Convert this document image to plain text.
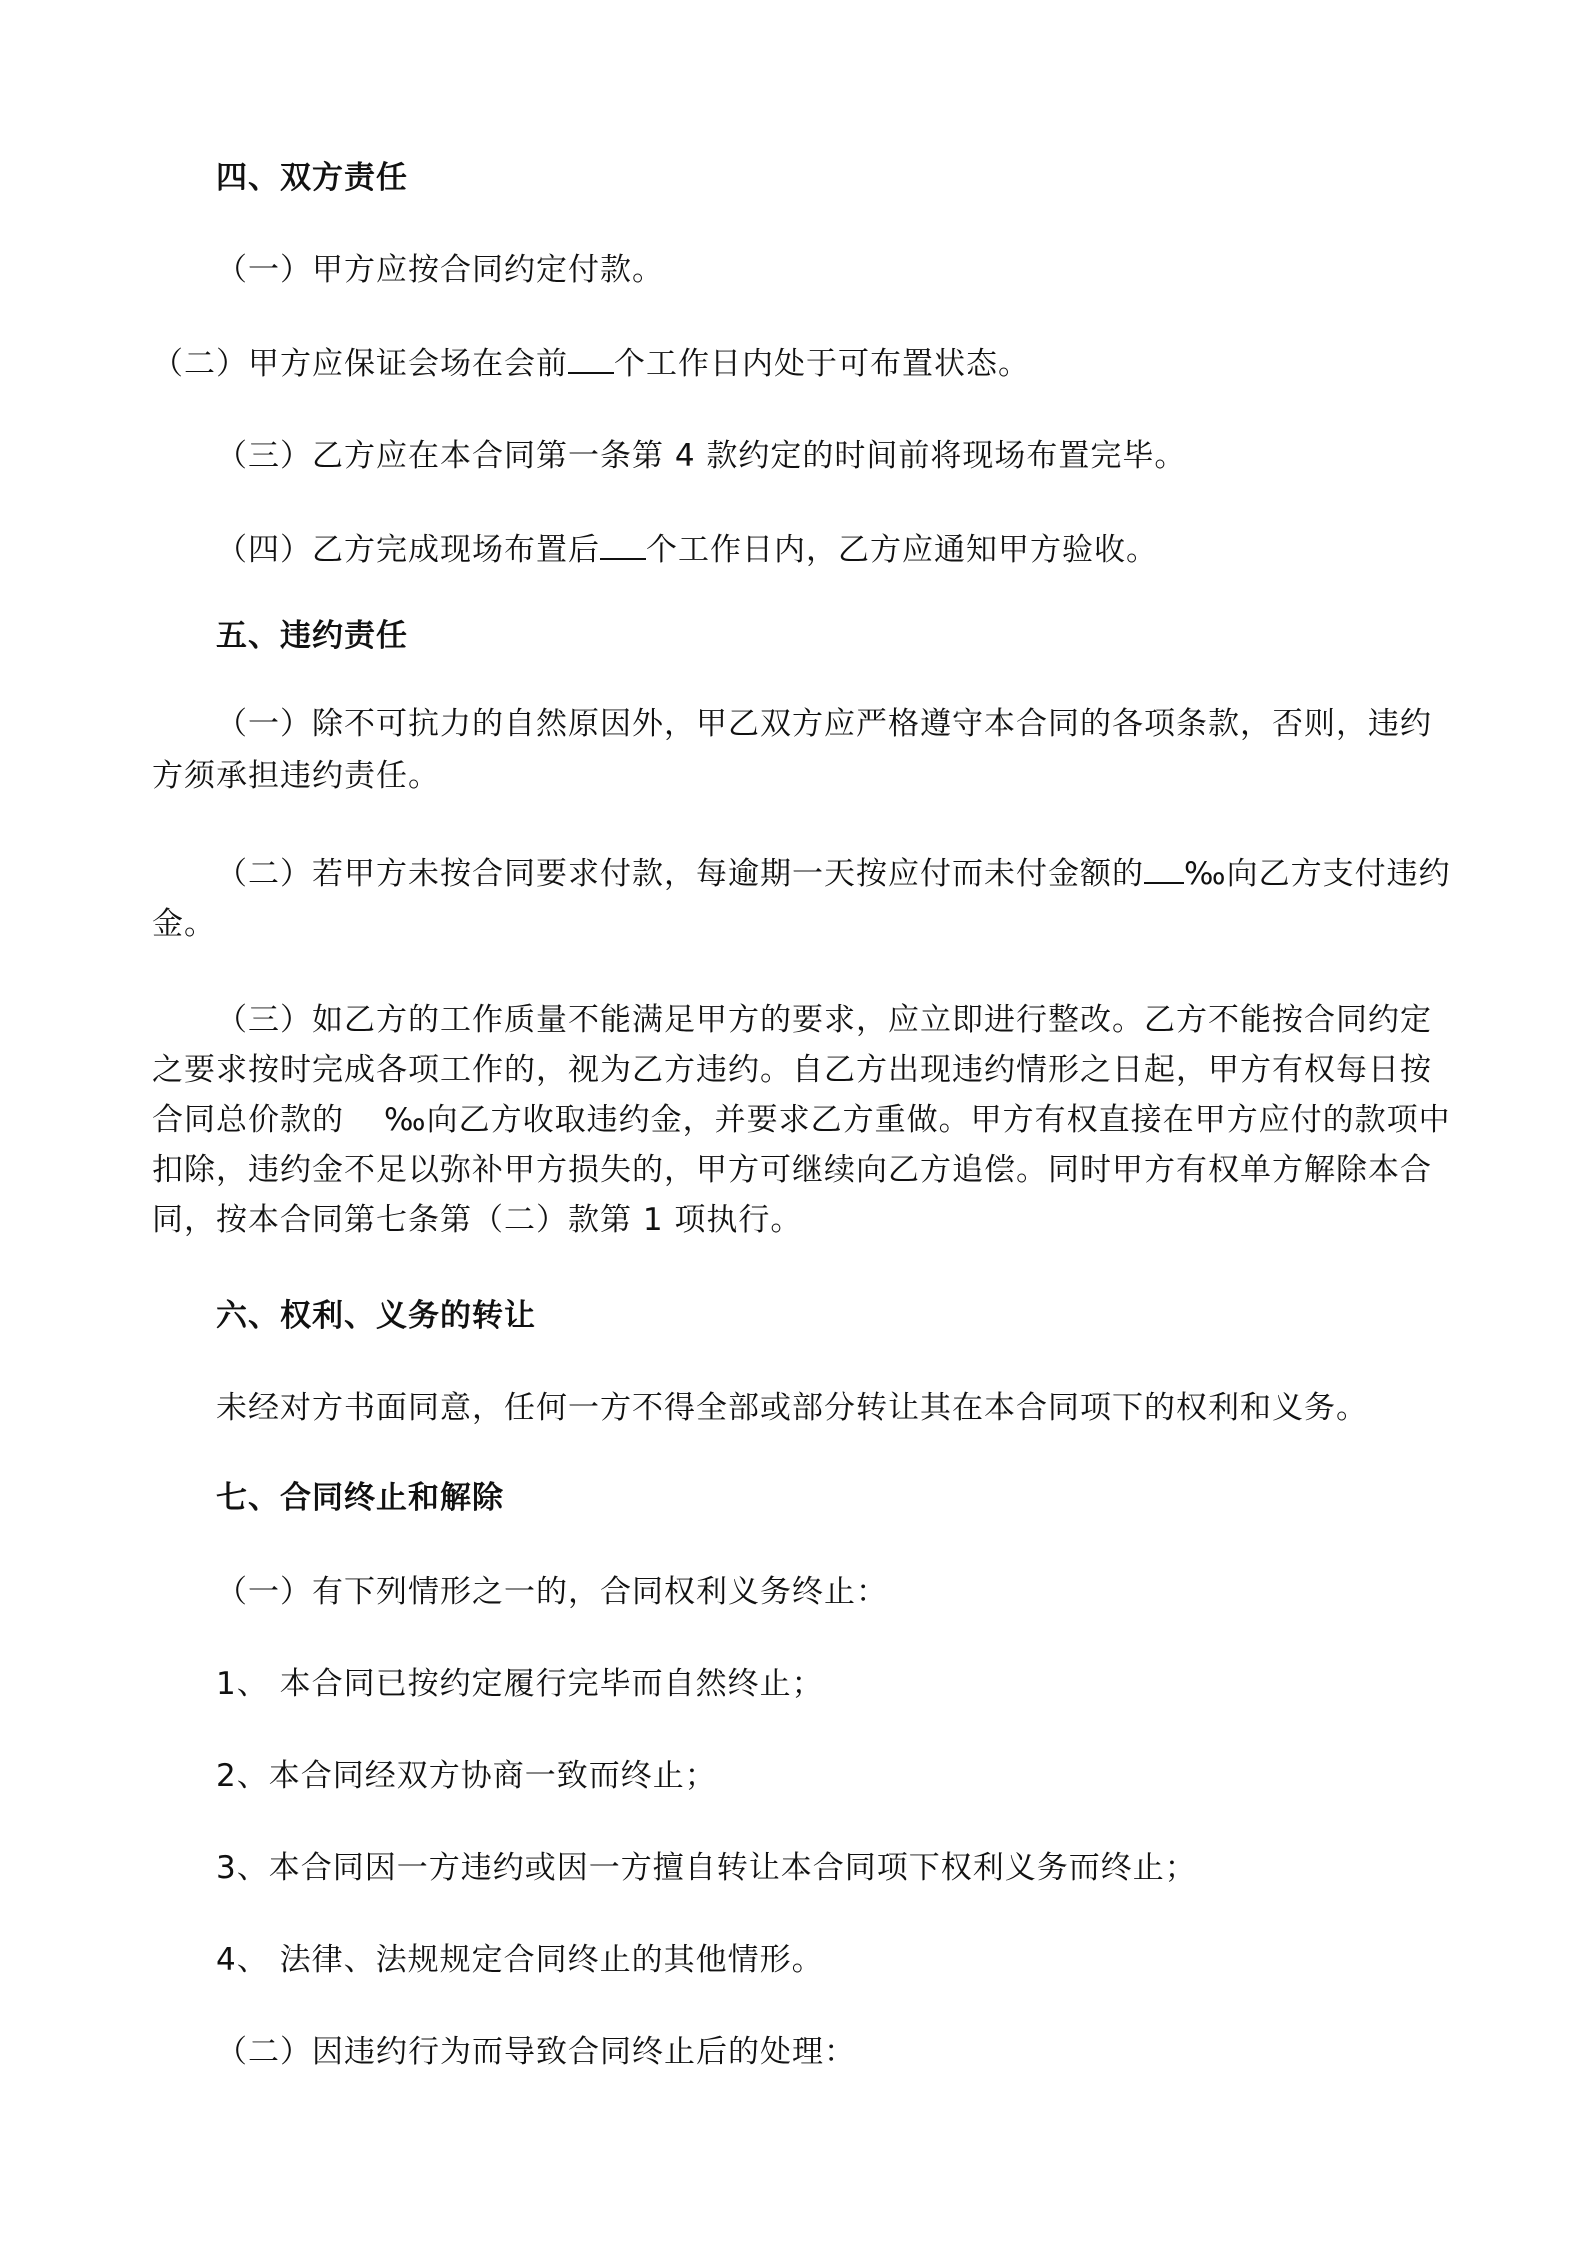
四、双方责任
（一）甲方应按合同约定付款。
（二）甲方应保证会场在会前 个工作日内处于可布置状态。
（三）乙方应在本合同第一条第 4 款约定的时间前将现场布置完毕。
（四）乙方完成现场布置后 个工作日内，乙方应通知甲方验收。
五、违约责任
（一）除不可抗力的自然原因外，甲乙双方应严格遵守本合同的各项条款，否则，违约
方须承担违约责任。
（二）若甲方未按合同要求付款，每逾期一天按应付而未付金额的 ‰向乙方支付违约
金。
（三）如乙方的工作质量不能满足甲方的要求，应立即进行整改。乙方不能按合同约定
之要求按时完成各项工作的，视为乙方违约。自乙方出现违约情形之日起，甲方有权每日按
合同总价款的 ‰向乙方收取违约金，并要求乙方重做。甲方有权直接在甲方应付的款项中
扣除，违约金不足以弥补甲方损失的，甲方可继续向乙方追偿。同时甲方有权单方解除本合
同，按本合同第七条第（二）款第 1 项执行。
六、权利、义务的转让
未经对方书面同意，任何一方不得全部或部分转让其在本合同项下的权利和义务。
七、合同终止和解除
（一）有下列情形之一的，合同权利义务终止：
1、 本合同已按约定履行完毕而自然终止；
2、本合同经双方协商一致而终止；
3、本合同因一方违约或因一方擅自转让本合同项下权利义务而终止；
4、 法律、法规规定合同终止的其他情形。
（二）因违约行为而导致合同终止后的处理：
